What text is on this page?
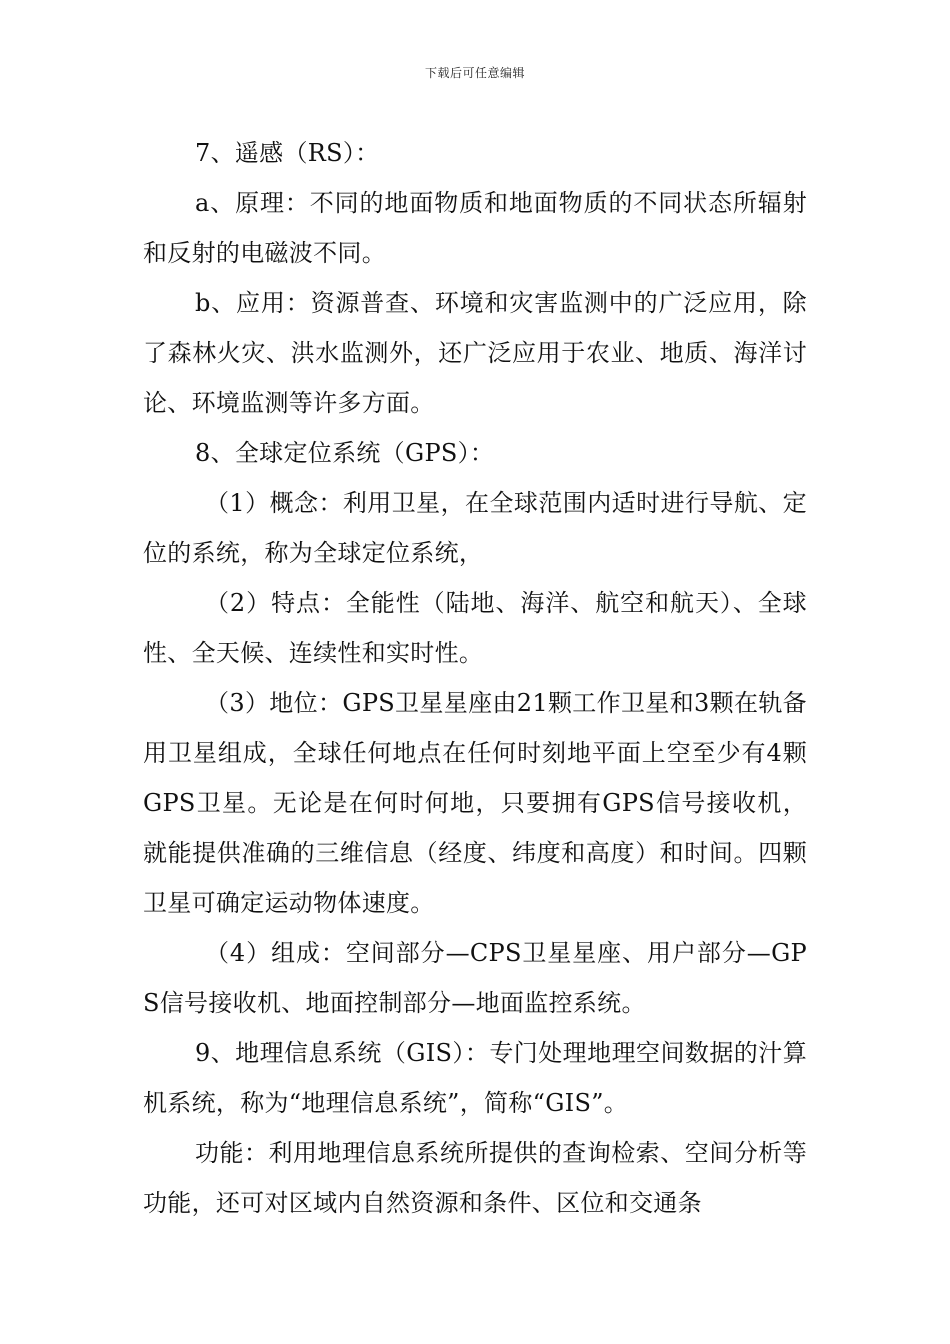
下载后可任意编辑

7、遥感（RS）：

a、原理：不同的地面物质和地面物质的不同状态所辐射和反射的电磁波不同。

b、应用：资源普查、环境和灾害监测中的广泛应用，除了森林火灾、洪水监测外，还广泛应用于农业、地质、海洋讨论、环境监测等许多方面。

8、全球定位系统（GPS）：

（1）概念：利用卫星，在全球范围内适时进行导航、定位的系统，称为全球定位系统，

（2）特点：全能性（陆地、海洋、航空和航天）、全球性、全天候、连续性和实时性。

（3）地位：GPS卫星星座由21颗工作卫星和3颗在轨备用卫星组成，全球任何地点在任何时刻地平面上空至少有4颗GPS卫星。无论是在何时何地，只要拥有GPS信号接收机，就能提供准确的三维信息（经度、纬度和高度）和时间。四颗卫星可确定运动物体速度。

（4）组成：空间部分—CPS卫星星座、用户部分—GPS信号接收机、地面控制部分—地面监控系统。

9、地理信息系统（GIS）：专门处理地理空间数据的汁算机系统，称为“地理信息系统”，简称“GIS”。

功能：利用地理信息系统所提供的查询检索、空间分析等功能，还可对区域内自然资源和条件、区位和交通条
